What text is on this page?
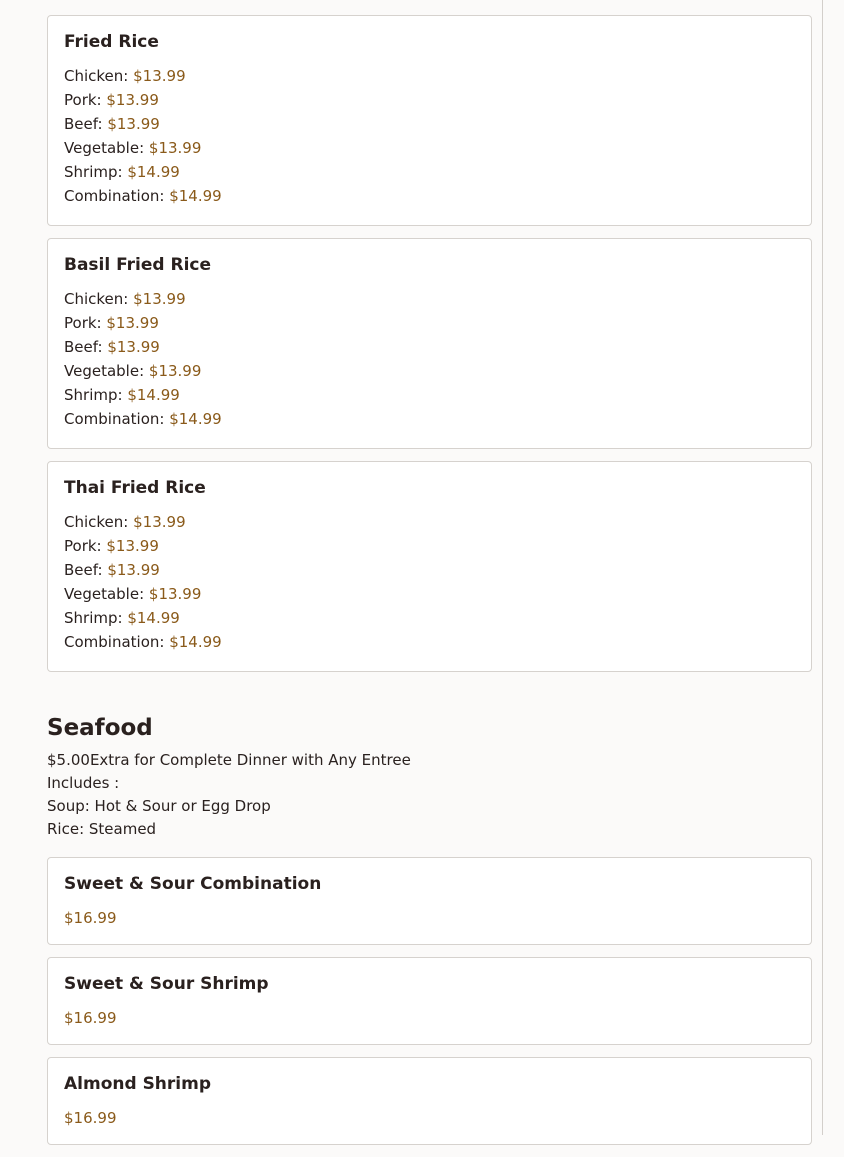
Fried Rice
Chicken: $13.99
Pork: $13.99
Beef: $13.99
Vegetable: $13.99
Shrimp: $14.99
Combination: $14.99
Basil Fried Rice
Chicken: $13.99
Pork: $13.99
Beef: $13.99
Vegetable: $13.99
Shrimp: $14.99
Combination: $14.99
Thai Fried Rice
Chicken: $13.99
Pork: $13.99
Beef: $13.99
Vegetable: $13.99
Shrimp: $14.99
Combination: $14.99
Seafood
$5.00Extra for Complete Dinner with Any Entree
Includes :
Soup: Hot & Sour or Egg Drop
Rice: Steamed
Sweet & Sour Combination
$16.99
Sweet & Sour Shrimp
$16.99
Almond Shrimp
$16.99
